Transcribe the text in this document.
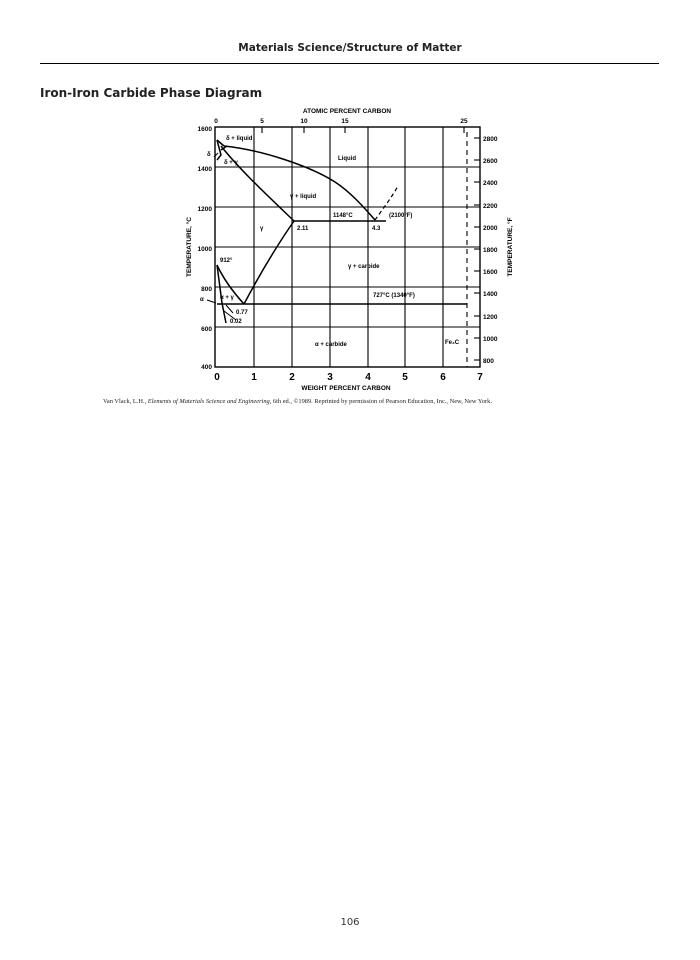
Materials Science/Structure of Matter
Iron-Iron Carbide Phase Diagram
δ + liquid
δ
δ + γ
Liquid
γ + liquid
γ
γ + carbide
α	α + γ
α + carbide	Fe₃C
1148°C	(2100°F)
2.11	4.3
912°
727°C (1340°F)
0.77
0.02
ATOMIC PERCENT CARBON
0	5	10	15	25
0	1	2	3	4	5	6	7
WEIGHT PERCENT CARBON
1600
1400
1200
1000
800
600
400
TEMPERATURE, °C
2800
2600
2400
2200
2000
1800
1600
1400
1200
1000
800
TEMPERATURE, °F
Van Vlack, L.H., Elements of Materials Science and Engineering, 6th ed., ©1989. Reprinted by permission of Pearson Education, Inc., New, New York.
106
